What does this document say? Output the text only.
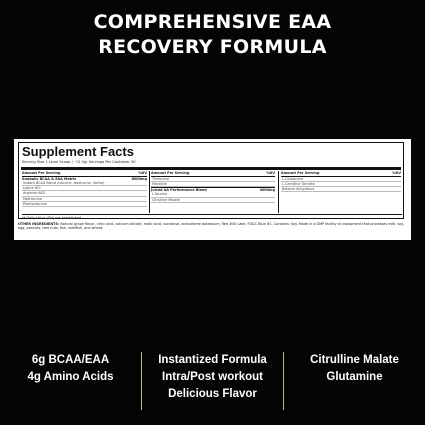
COMPREHENSIVE EAA
RECOVERY FORMULA
Supplement Facts
Serving Size 1 Level Scoop (~12.5g) Servings Per Container 30
Amount Per Serving	%DV
Anabolic BCAA & EAA Matrix	6000mg
Instant BCAA Blend (Leucine, Isoleucine, Valine)
Lysine HCl
Arginine AKG
Methionine
Phenylalanine
Amount Per Serving	%DV
Threonine
Histidine
Juiced AA Performance Blend	4000mg
L-Taurine
Citrulline Malate
Amount Per Serving	%DV
L-Glutamine
L-Carnitine Tartrate
Betaine Anhydrous
** Daily Value (DV) not established.
OTHER INGREDIENTS: Natural grape flavor, citric acid, calcium silicate, malic acid, sucralose, acesulfame potassium, Red #40 Lake, FD&C Blue #1. Contains: Soy. Made in a GMP facility on equipment that processes milk, soy, egg, peanuts, tree nuts, fish, shellfish, and wheat.
6g BCAA/EAA
4g Amino Acids
Instantized Formula
Intra/Post workout
Delicious Flavor
Citrulline Malate
Glutamine
